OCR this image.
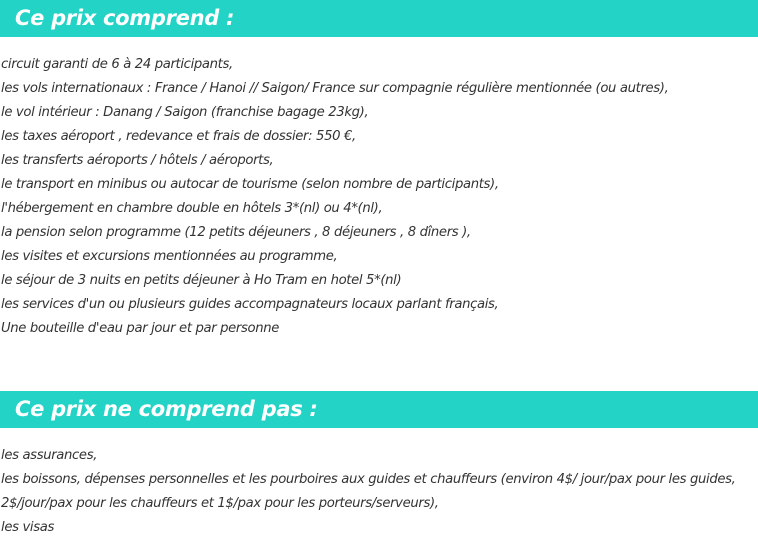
Ce prix comprend :
circuit garanti de 6 à 24 participants,
les vols internationaux : France / Hanoi // Saigon/ France sur compagnie régulière mentionnée (ou autres),
le vol intérieur : Danang / Saigon (franchise bagage 23kg),
les taxes aéroport , redevance et frais de dossier: 550 €,
les transferts aéroports / hôtels / aéroports,
le transport en minibus ou autocar de tourisme (selon nombre de participants),
l'hébergement en chambre double en hôtels 3*(nl) ou 4*(nl),
la pension selon programme (12 petits déjeuners , 8 déjeuners , 8 dîners ),
les visites et excursions mentionnées au programme,
le séjour de 3 nuits en petits déjeuner à Ho Tram en hotel 5*(nl)
les services d'un ou plusieurs guides accompagnateurs locaux parlant français,
Une bouteille d'eau par jour et par personne
Ce prix ne comprend pas :
les assurances,
les boissons, dépenses personnelles et les pourboires aux guides et chauffeurs (environ 4$/ jour/pax pour les guides,
2$/jour/pax pour les chauffeurs et 1$/pax pour les porteurs/serveurs),
les visas
